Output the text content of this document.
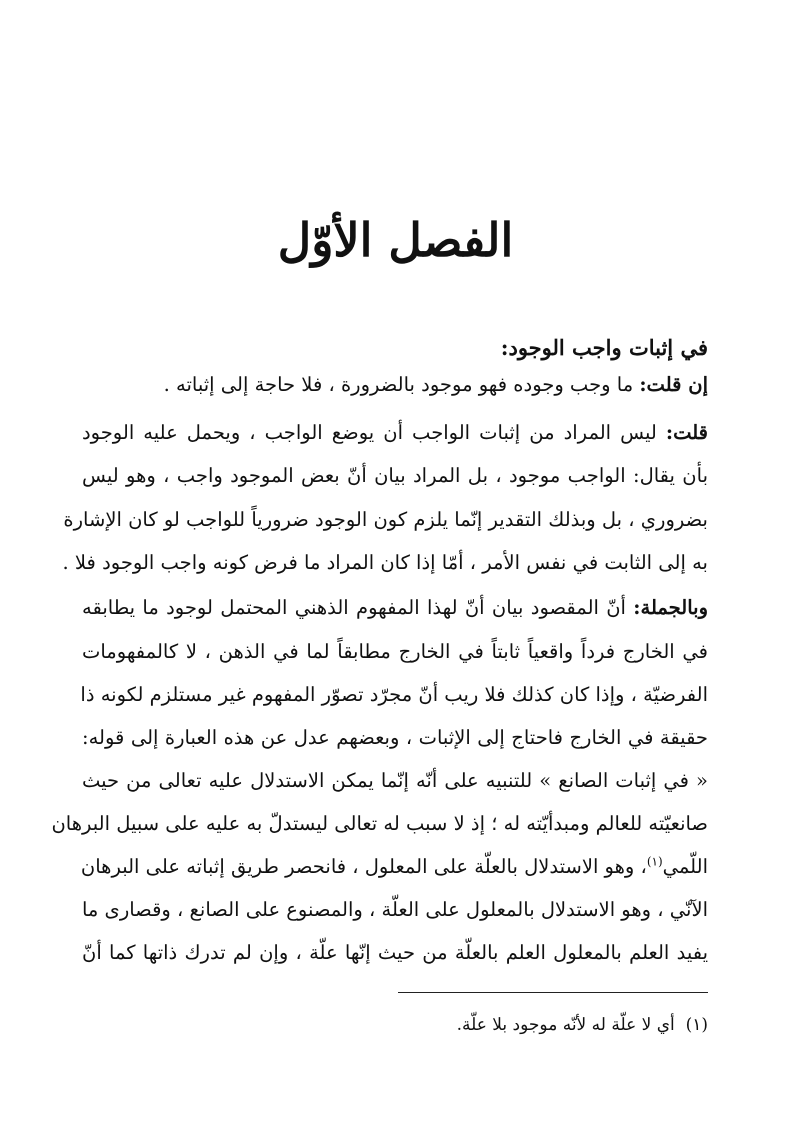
الفصل الأوّل

في إثبات واجب الوجود:

إن قلت: ما وجب وجوده فهو موجود بالضرورة ، فلا حاجة إلى إثباته .

قلت: ليس المراد من إثبات الواجب أن يوضع الواجب ، ويحمل عليه الوجود

بأن يقال: الواجب موجود ، بل المراد بيان أنّ بعض الموجود واجب ، وهو ليس

بضروري ، بل وبذلك التقدير إنّما يلزم كون الوجود ضرورياً للواجب لو كان الإشارة

به إلى الثابت في نفس الأمر ، أمّا إذا كان المراد ما فرض كونه واجب الوجود فلا .

وبالجملة: أنّ المقصود بيان أنّ لهذا المفهوم الذهني المحتمل لوجود ما يطابقه

في الخارج فرداً واقعياً ثابتاً في الخارج مطابقاً لما في الذهن ، لا كالمفهومات

الفرضيّة ، وإذا كان كذلك فلا ريب أنّ مجرّد تصوّر المفهوم غير مستلزم لكونه ذا

حقيقة في الخارج فاحتاج إلى الإثبات ، وبعضهم عدل عن هذه العبارة إلى قوله:

« في إثبات الصانع » للتنبيه على أنّه إنّما يمكن الاستدلال عليه تعالى من حيث

صانعيّته للعالم ومبدأيّته له ؛ إذ لا سبب له تعالى ليستدلّ به عليه على سبيل البرهان

اللّمي$^{(١)}$، وهو الاستدلال بالعلّة على المعلول ، فانحصر طريق إثباته على البرهان

الآنّي ، وهو الاستدلال بالمعلول على العلّة ، والمصنوع على الصانع ، وقصارى ما

يفيد العلم بالمعلول العلم بالعلّة من حيث إنّها علّة ، وإن لم تدرك ذاتها كما أنّ

(١)  أي لا علّة له لأنّه موجود بلا علّة.
